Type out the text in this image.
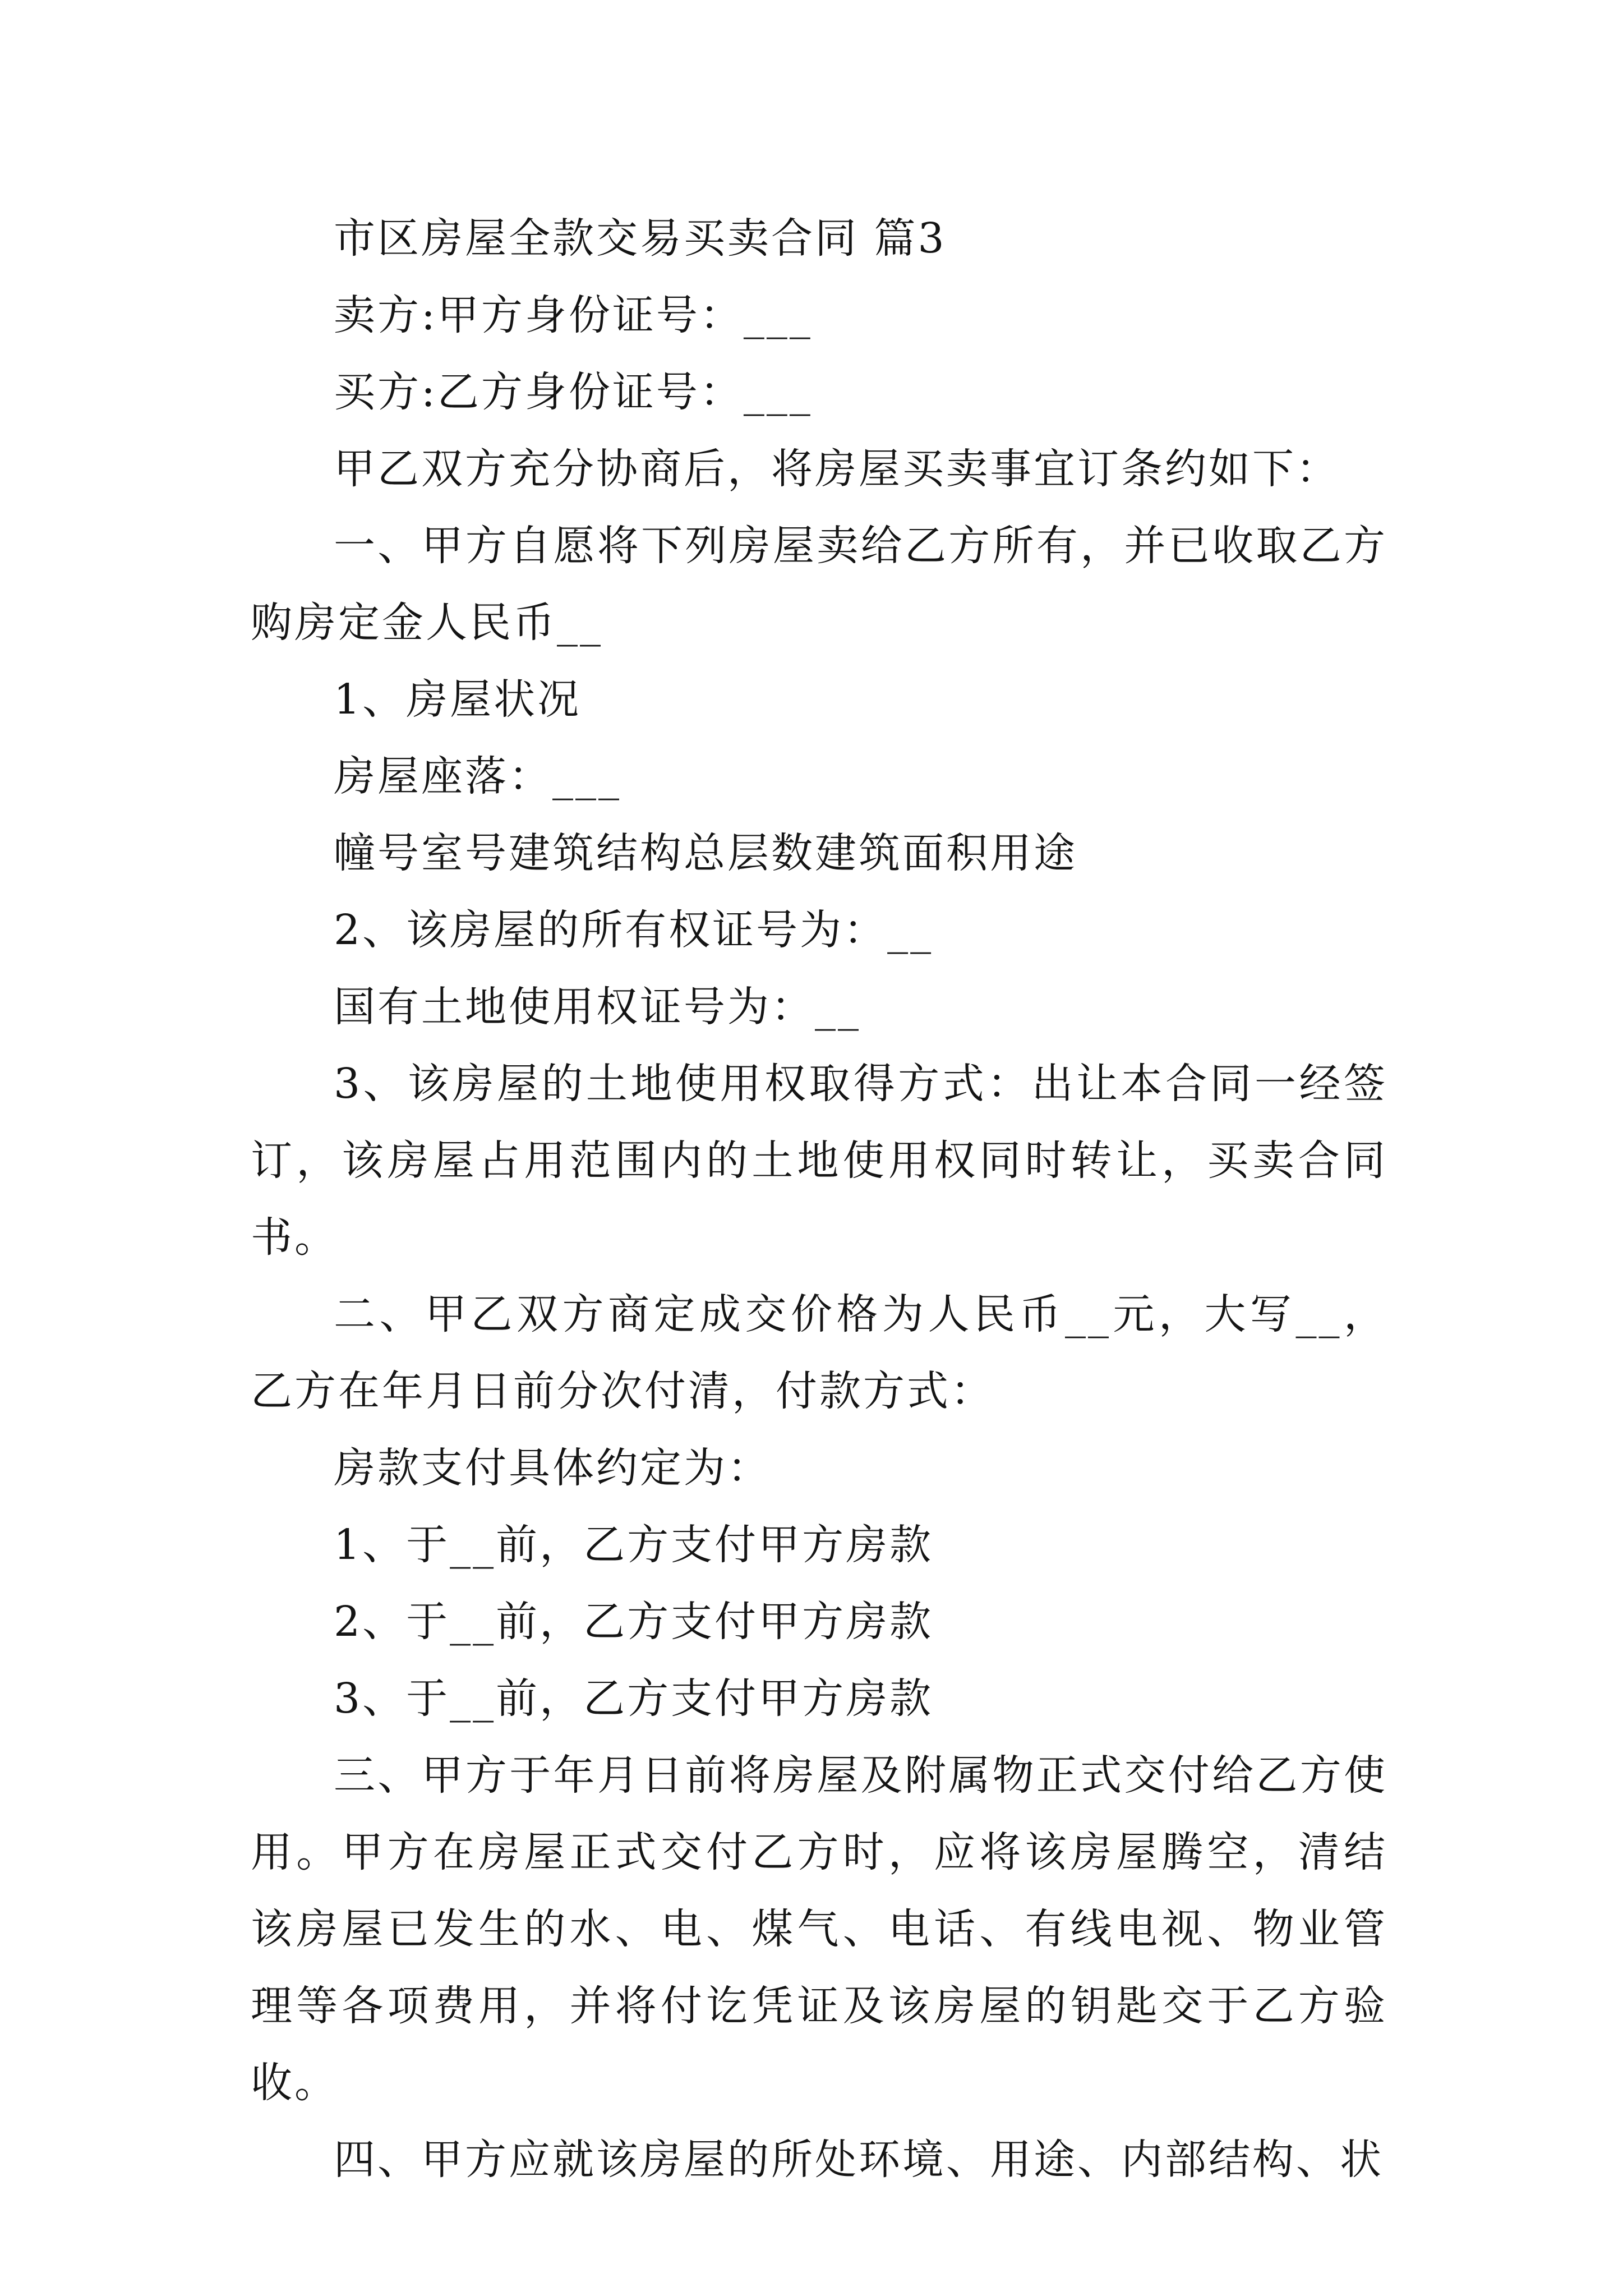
市区房屋全款交易买卖合同 篇3

卖方:甲方身份证号：___

买方:乙方身份证号：___

甲乙双方充分协商后，将房屋买卖事宜订条约如下：

一、甲方自愿将下列房屋卖给乙方所有，并已收取乙方购房定金人民币__

1、房屋状况

房屋座落：___

幢号室号建筑结构总层数建筑面积用途

2、该房屋的所有权证号为：__

国有土地使用权证号为：__

3、该房屋的土地使用权取得方式：出让本合同一经签订，该房屋占用范围内的土地使用权同时转让，买卖合同书。

二、甲乙双方商定成交价格为人民币__元，大写__，乙方在年月日前分次付清，付款方式：

房款支付具体约定为：

1、于__前，乙方支付甲方房款

2、于__前，乙方支付甲方房款

3、于__前，乙方支付甲方房款

三、甲方于年月日前将房屋及附属物正式交付给乙方使用。甲方在房屋正式交付乙方时，应将该房屋腾空，清结该房屋已发生的水、电、煤气、电话、有线电视、物业管理等各项费用，并将付讫凭证及该房屋的钥匙交于乙方验收。

四、甲方应就该房屋的所处环境、用途、内部结构、状
